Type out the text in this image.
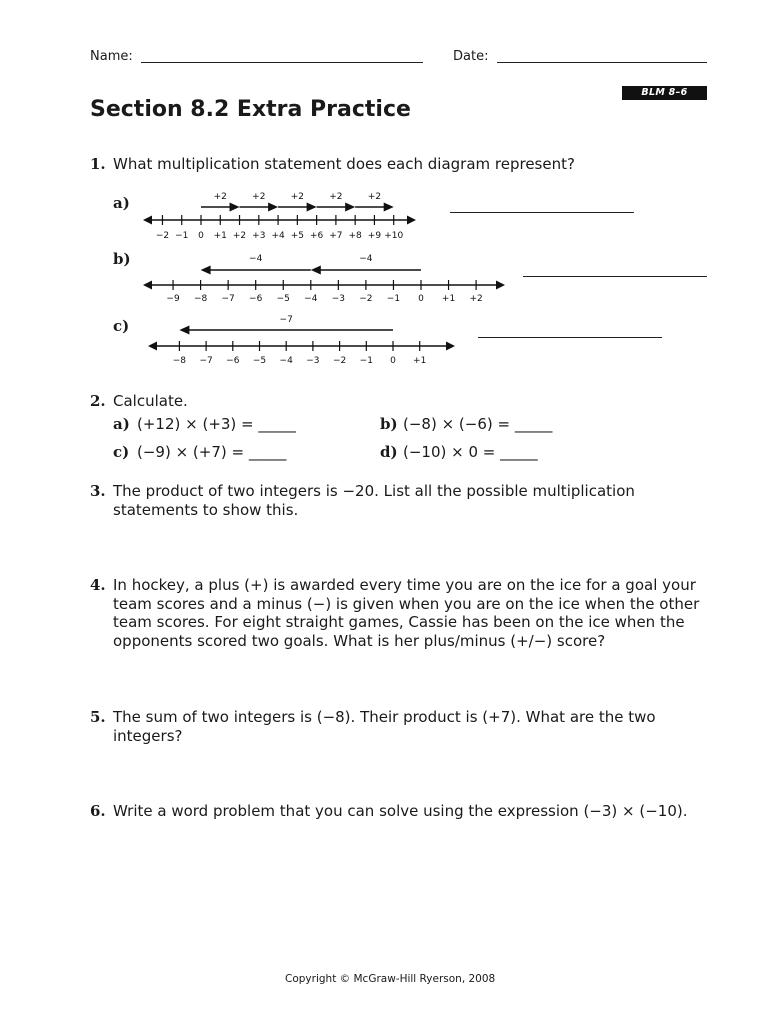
Name:	Date:
BLM 8–6
Section 8.2 Extra Practice
1. What multiplication statement does each diagram represent?
a)
b)
c)
−2 −1 0 +1 +2 +3 +4 +5 +6 +7 +8 +9 +10
+2	+2	+2	+2	+2
−9 −8 −7 −6 −5 −4 −3 −2 −1 0 +1 +2
−4
−4
−8 −7 −6 −5 −4 −3 −2 −1 0 +1
−7
2. Calculate.
a) (+12) × (+3) = _____	b) (−8) × (−6) = _____
c) (−9) × (+7) = _____	d) (−10) × 0 = _____
3. The product of two integers is −20. List all the possible multiplication
statements to show this.
4. In hockey, a plus (+) is awarded every time you are on the ice for a goal your
team scores and a minus (−) is given when you are on the ice when the other
team scores. For eight straight games, Cassie has been on the ice when the
opponents scored two goals. What is her plus/minus (+/−) score?
5. The sum of two integers is (−8). Their product is (+7). What are the two
integers?
6. Write a word problem that you can solve using the expression (−3) × (−10).
Copyright © McGraw-Hill Ryerson, 2008
